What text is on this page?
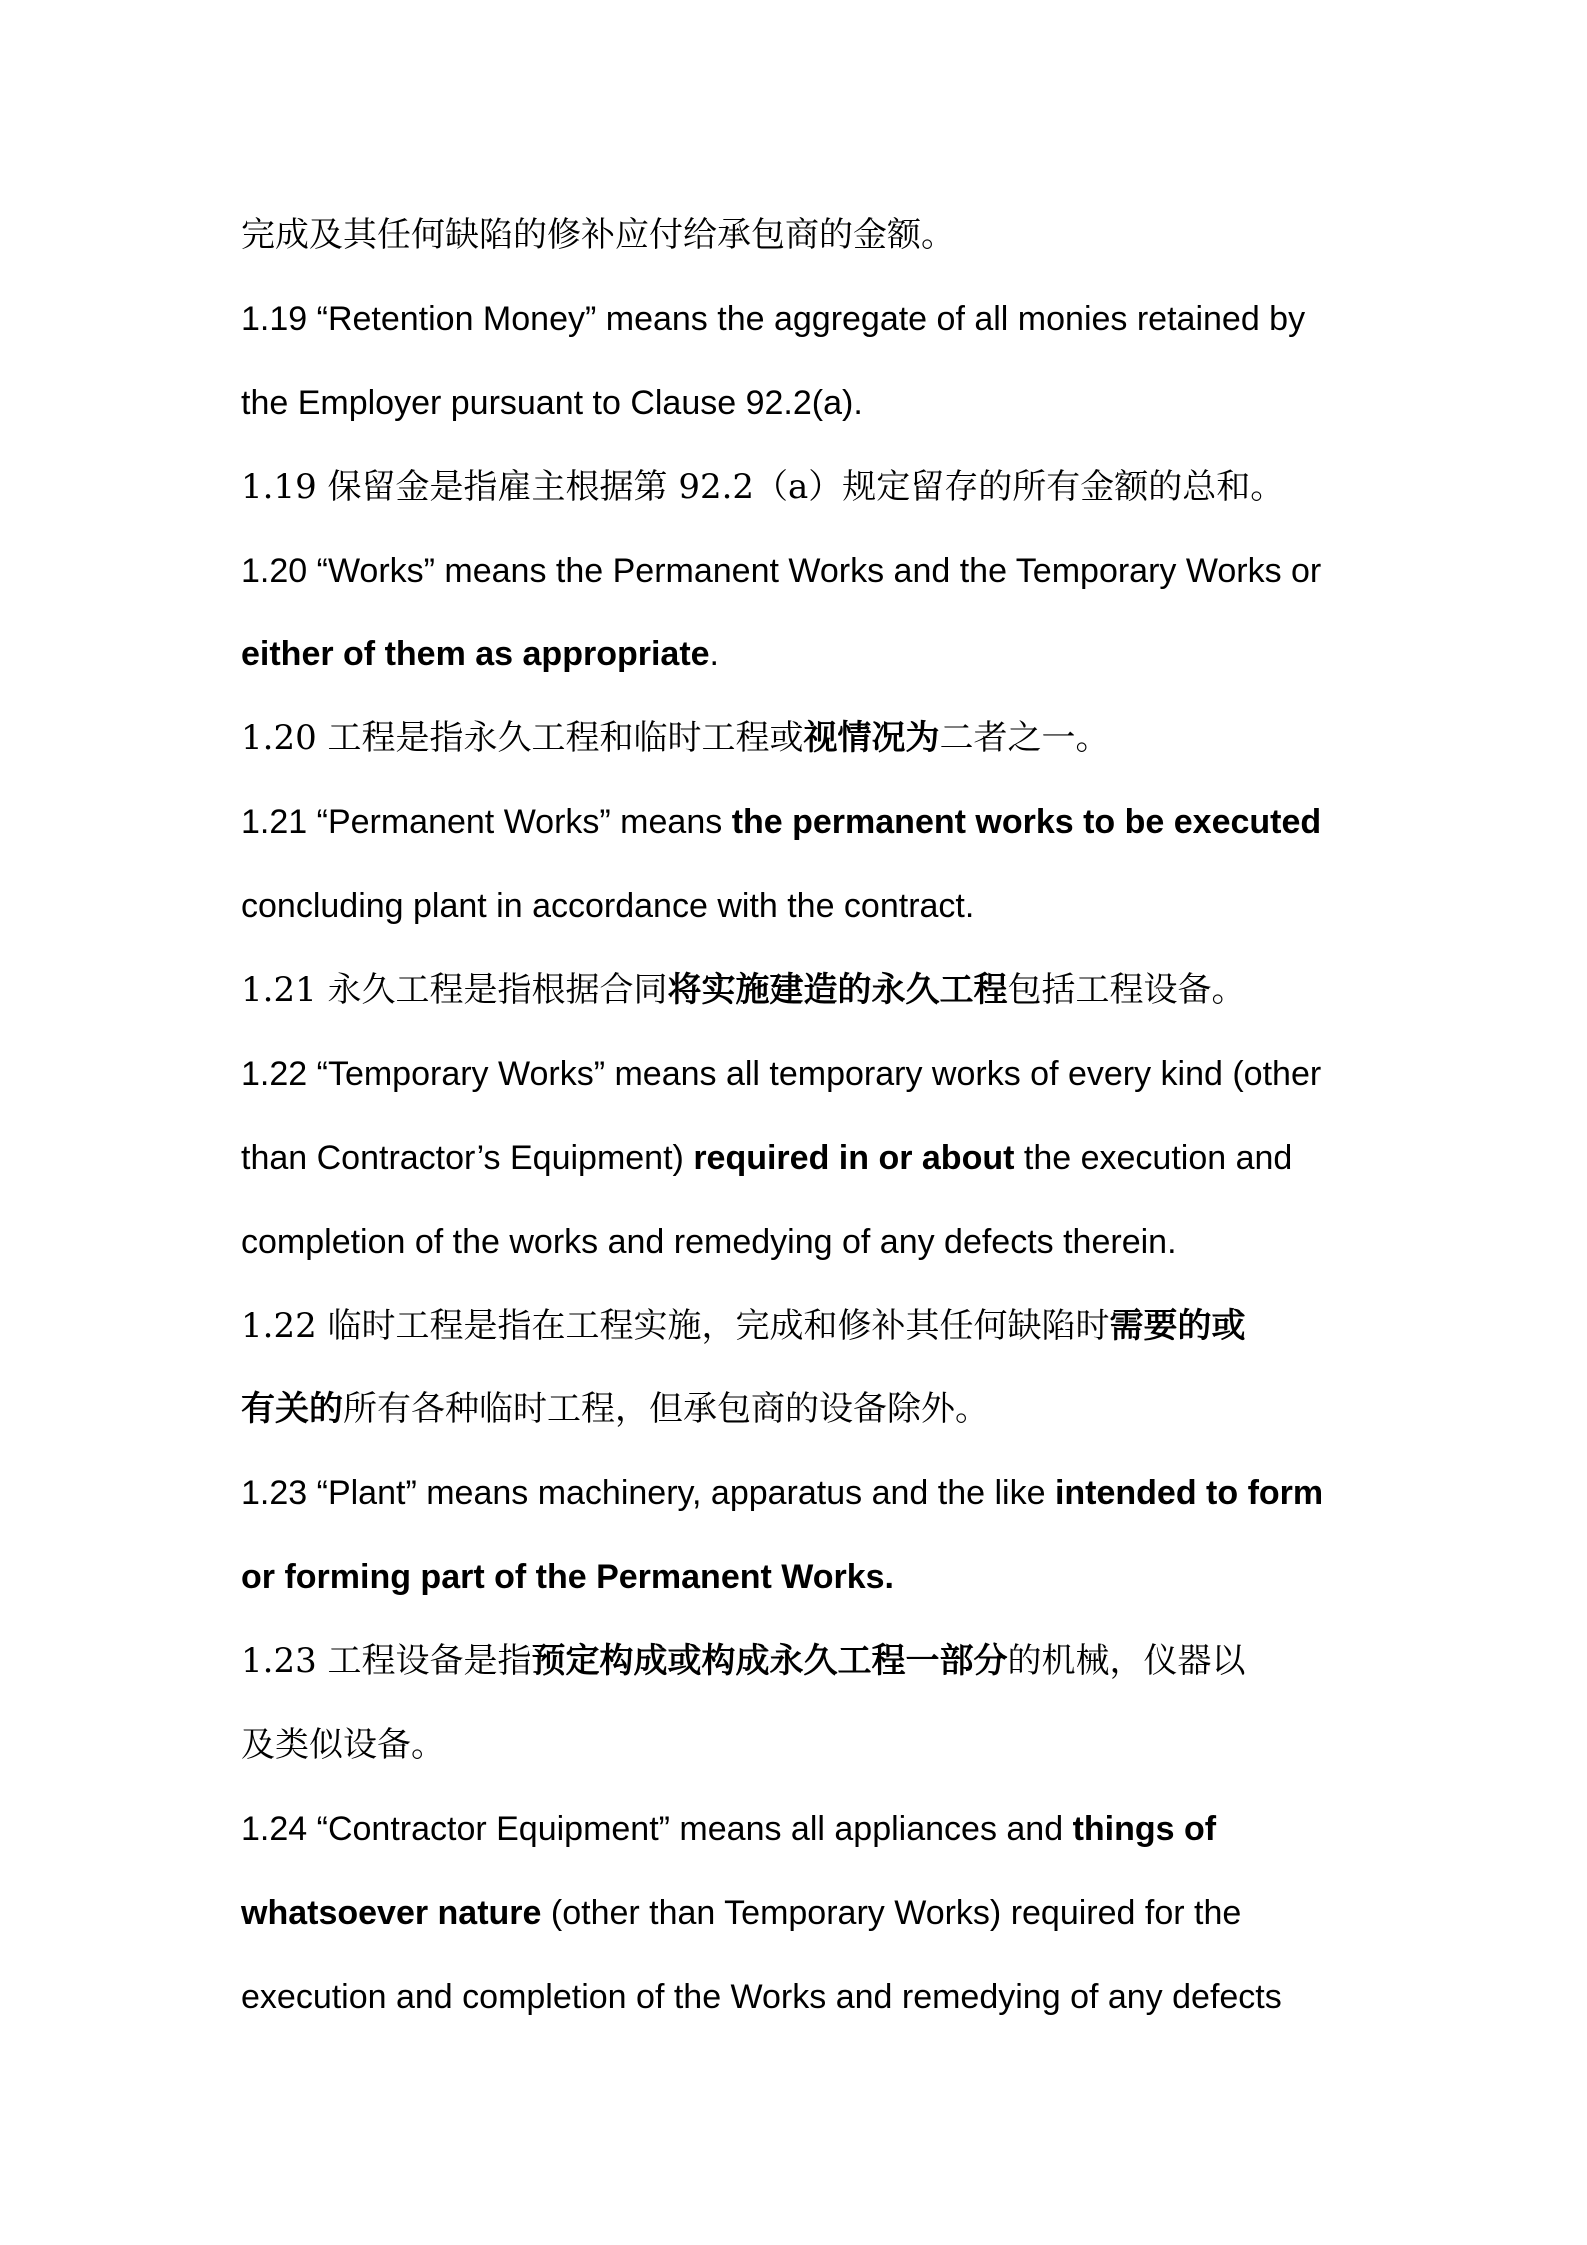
完成及其任何缺陷的修补应付给承包商的金额。
1.19 “Retention Money” means the aggregate of all monies retained by
the Employer pursuant to Clause 92.2(a).
1.19 保留金是指雇主根据第 92.2（a）规定留存的所有金额的总和。
1.20 “Works” means the Permanent Works and the Temporary Works or
either of them as appropriate.
1.20 工程是指永久工程和临时工程或视情况为二者之一。
1.21 “Permanent Works” means the permanent works to be executed
concluding plant in accordance with the contract.
1.21 永久工程是指根据合同将实施建造的永久工程包括工程设备。
1.22 “Temporary Works” means all temporary works of every kind (other
than Contractor’s Equipment) required in or about the execution and
completion of the works and remedying of any defects therein.
1.22 临时工程是指在工程实施，完成和修补其任何缺陷时需要的或
有关的所有各种临时工程，但承包商的设备除外。
1.23 “Plant” means machinery, apparatus and the like intended to form
or forming part of the Permanent Works.
1.23 工程设备是指预定构成或构成永久工程一部分的机械，仪器以
及类似设备。
1.24 “Contractor Equipment” means all appliances and things of
whatsoever nature (other than Temporary Works) required for the
execution and completion of the Works and remedying of any defects
